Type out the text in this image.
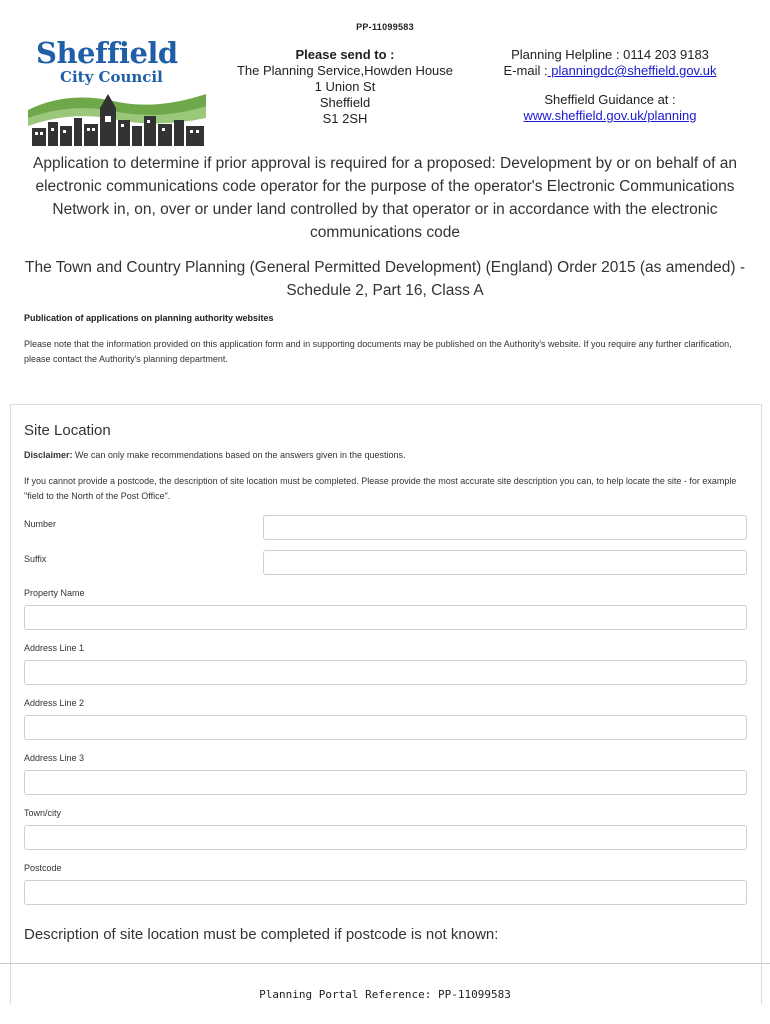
PP-11099583
Sheffield
City Council
Please send to :
The Planning Service,Howden House
1 Union St
Sheffield
S1 2SH
Planning Helpline : 0114 203 9183
E-mail : planningdc@sheffield.gov.uk
Sheffield Guidance at :
www.sheffield.gov.uk/planning
Application to determine if prior approval is required for a proposed: Development by or on behalf of an electronic communications code operator for the purpose of the operator's Electronic Communications Network in, on, over or under land controlled by that operator or in accordance with the electronic communications code
The Town and Country Planning (General Permitted Development) (England) Order 2015 (as amended) - Schedule 2, Part 16, Class A
Publication of applications on planning authority websites
Please note that the information provided on this application form and in supporting documents may be published on the Authority's website. If you require any further clarification, please contact the Authority's planning department.
Site Location
Disclaimer: We can only make recommendations based on the answers given in the questions.
If you cannot provide a postcode, the description of site location must be completed. Please provide the most accurate site description you can, to help locate the site - for example "field to the North of the Post Office".
Number
Suffix
Property Name
Address Line 1
Address Line 2
Address Line 3
Town/city
Postcode
Description of site location must be completed if postcode is not known:
Planning Portal Reference: PP-11099583
